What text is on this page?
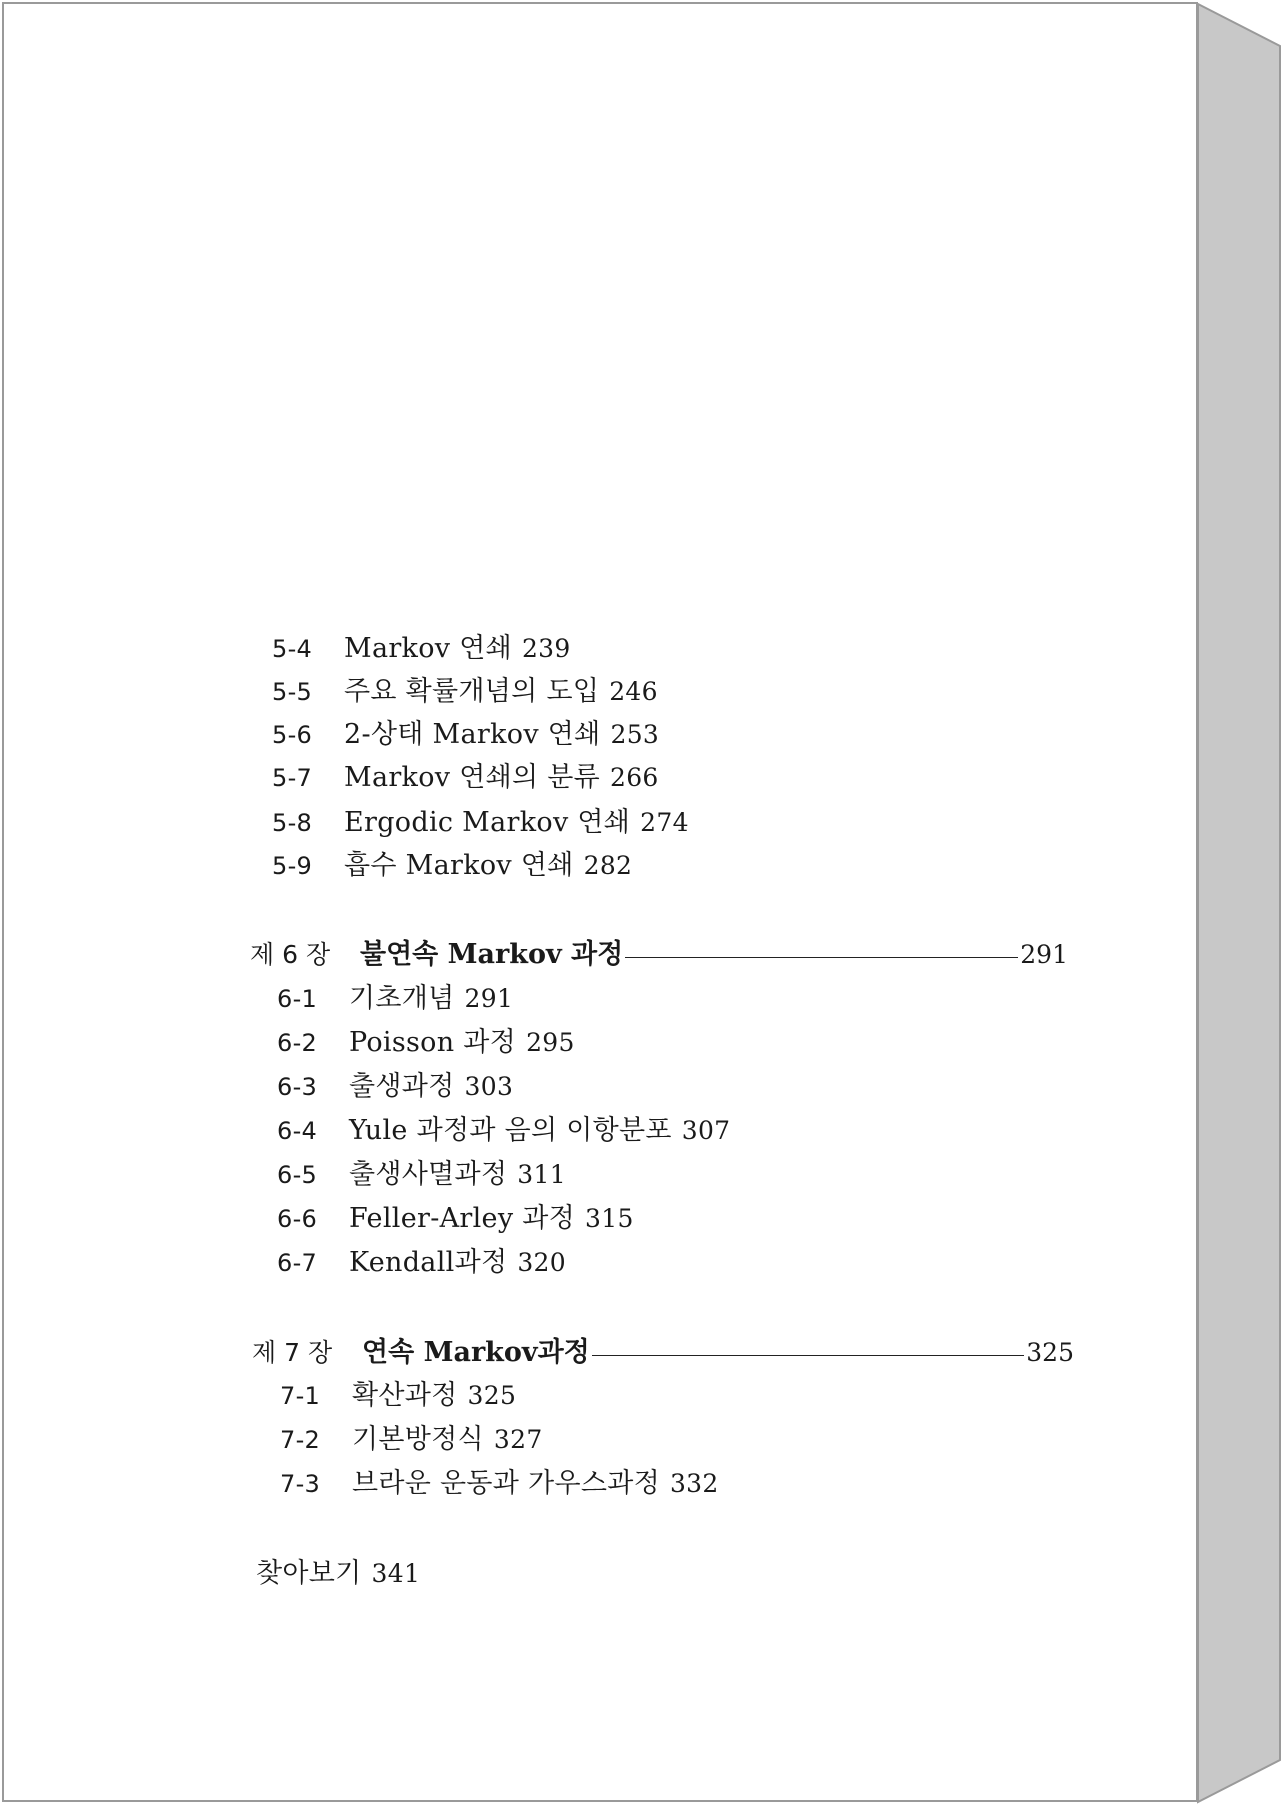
5-4 Markov 연쇄 239
5-5 주요 확률개념의 도입 246
5-6 2-상태 Markov 연쇄 253
5-7 Markov 연쇄의 분류 266
5-8 Ergodic Markov 연쇄 274
5-9 흡수 Markov 연쇄 282
제 6 장	불연속 Markov 과정	291
6-1 기초개념 291
6-2 Poisson 과정 295
6-3 출생과정 303
6-4 Yule 과정과 음의 이항분포 307
6-5 출생사멸과정 311
6-6 Feller-Arley 과정 315
6-7 Kendall과정 320
제 7 장	연속 Markov과정	325
7-1 확산과정 325
7-2 기본방정식 327
7-3 브라운 운동과 가우스과정 332
찾아보기 341
